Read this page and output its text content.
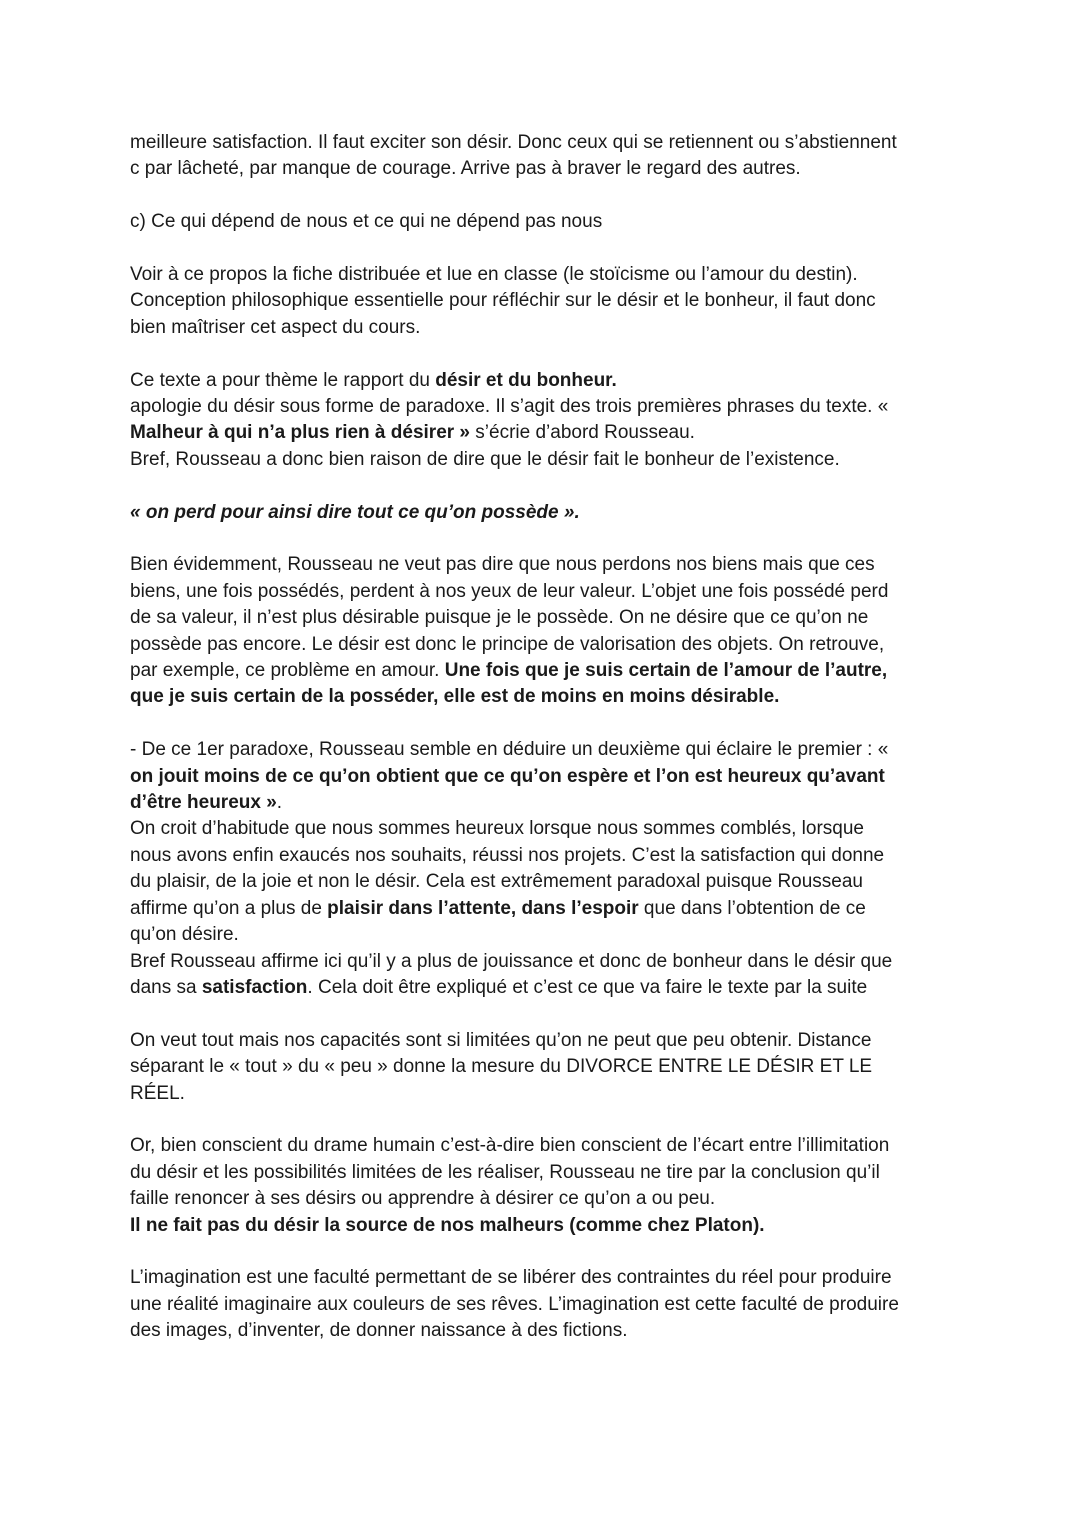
meilleure satisfaction. Il faut exciter son désir. Donc ceux qui se retiennent ou s’abstiennent

c par lâcheté, par manque de courage. Arrive pas à braver le regard des autres.

c) Ce qui dépend de nous et ce qui ne dépend pas nous

Voir à ce propos la fiche distribuée et lue en classe (le stoïcisme ou l’amour du destin).

Conception philosophique essentielle pour réfléchir sur le désir et le bonheur, il faut donc

bien maîtriser cet aspect du cours.

Ce texte a pour thème le rapport du désir et du bonheur.

apologie du désir sous forme de paradoxe. Il s’agit des trois premières phrases du texte. «

Malheur à qui n’a plus rien à désirer » s’écrie d’abord Rousseau.

Bref, Rousseau a donc bien raison de dire que le désir fait le bonheur de l’existence.

« on perd pour ainsi dire tout ce qu’on possède ».

Bien évidemment, Rousseau ne veut pas dire que nous perdons nos biens mais que ces

biens, une fois possédés, perdent à nos yeux de leur valeur. L’objet une fois possédé perd

de sa valeur, il n’est plus désirable puisque je le possède. On ne désire que ce qu’on ne

possède pas encore. Le désir est donc le principe de valorisation des objets. On retrouve,

par exemple, ce problème en amour. Une fois que je suis certain de l’amour de l’autre,

que je suis certain de la posséder, elle est de moins en moins désirable.

- De ce 1er paradoxe, Rousseau semble en déduire un deuxième qui éclaire le premier : «

on jouit moins de ce qu’on obtient que ce qu’on espère et l’on est heureux qu’avant

d’être heureux ».

On croit d’habitude que nous sommes heureux lorsque nous sommes comblés, lorsque

nous avons enfin exaucés nos souhaits, réussi nos projets. C’est la satisfaction qui donne

du plaisir, de la joie et non le désir. Cela est extrêmement paradoxal puisque Rousseau

affirme qu’on a plus de plaisir dans l’attente, dans l’espoir que dans l’obtention de ce

qu’on désire.

Bref Rousseau affirme ici qu’il y a plus de jouissance et donc de bonheur dans le désir que

dans sa satisfaction. Cela doit être expliqué et c’est ce que va faire le texte par la suite

On veut tout mais nos capacités sont si limitées qu’on ne peut que peu obtenir. Distance

séparant le « tout » du « peu » donne la mesure du DIVORCE ENTRE LE DÉSIR ET LE

RÉEL.

Or, bien conscient du drame humain c’est-à-dire bien conscient de l’écart entre l’illimitation

du désir et les possibilités limitées de les réaliser, Rousseau ne tire par la conclusion qu’il

faille renoncer à ses désirs ou apprendre à désirer ce qu’on a ou peu.

Il ne fait pas du désir la source de nos malheurs (comme chez Platon).

L’imagination est une faculté permettant de se libérer des contraintes du réel pour produire

une réalité imaginaire aux couleurs de ses rêves. L’imagination est cette faculté de produire

des images, d’inventer, de donner naissance à des fictions.
